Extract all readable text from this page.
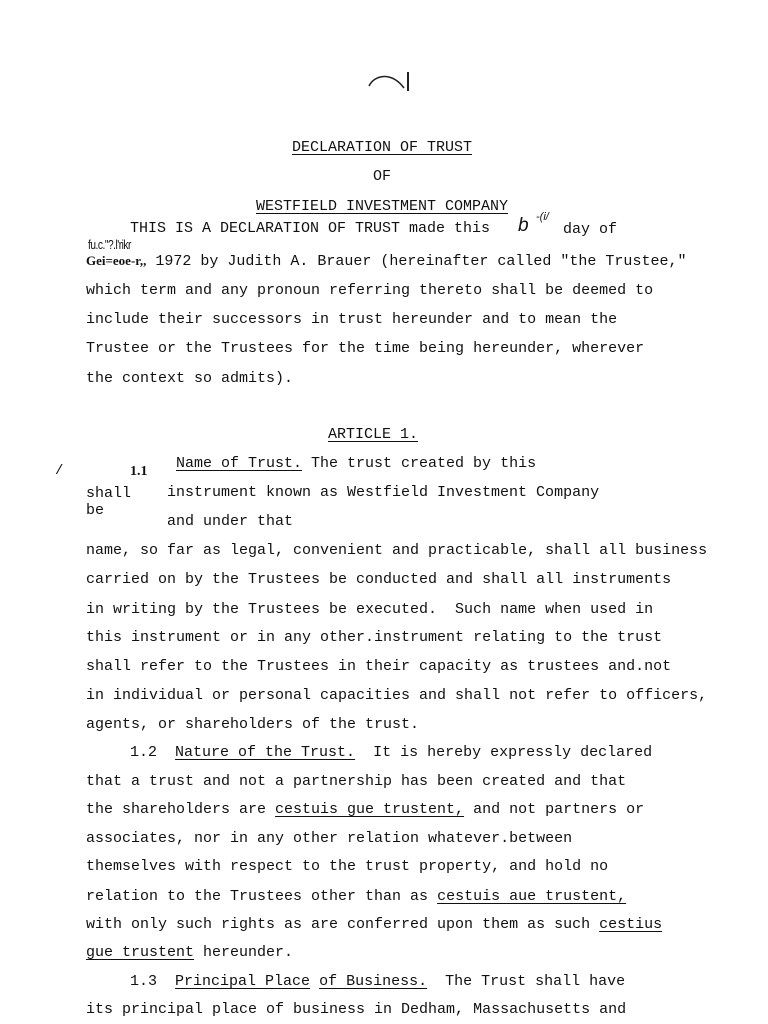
DECLARATION OF TRUST

OF

WESTFIELD INVESTMENT COMPANY

THIS IS A DECLARATION OF TRUST made this b -(i/
day of
fu.c."?.l'rikr
Gei=eoe-r,, 1972 by Judith A. Brauer (hereinafter called "the Trustee,"
which term and any pronoun referring thereto shall be deemed to
include their successors in trust hereunder and to mean the
Trustee or the Trustees for the time being hereunder, wherever
the context so admits).
ARTICLE 1.
/	1.1 Name of Trust. The trust created by this
shall instrument known as Westfield Investment Company
be
and under that
name, so far as legal, convenient and practicable, shall all business
carried on by the Trustees be conducted and shall all instruments
in writing by the Trustees be executed.  Such name when used in
this instrument or in any other.instrument relating to the trust
shall refer to the Trustees in their capacity as trustees and.not
in individual or personal capacities and shall not refer to officers,
agents, or shareholders of the trust.
1.2 Nature of the Trust.  It is hereby expressly declared
that a trust and not a partnership has been created and that
the shareholders are cestuis gue trustent, and not partners or
associates, nor in any other relation whatever.between
themselves with respect to the trust property, and hold no
relation to the Trustees other than as cestuis aue trustent,
with only such rights as are conferred upon them as such cestius
gue trustent hereunder.
1.3 Principal Place of Business.  The Trust shall have
its principal place of business in Dedham, Massachusetts and
